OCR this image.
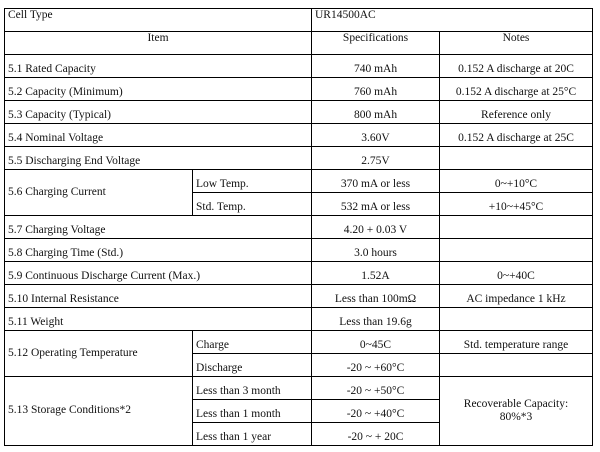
Cell Type		UR14500AC	
Item		Specifications	Notes
5.1 Rated Capacity		740 mAh	0.152 A discharge at 20C
5.2 Capacity (Minimum)		760 mAh	0.152 A discharge at 25°C
5.3 Capacity (Typical)		800 mAh	Reference only
5.4 Nominal Voltage		3.60V	0.152 A discharge at 25C
5.5 Discharging End Voltage		2.75V	
5.6 Charging Current	Low Temp.	370 mA or less	0~+10°C
	Std. Temp.	532 mA or less	+10~+45°C
5.7 Charging Voltage		4.20 + 0.03 V	
5.8 Charging Time (Std.)		3.0 hours	
5.9 Continuous Discharge Current (Max.)		1.52A	0~+40C
5.10 Internal Resistance		Less than 100mΩ	AC impedance 1 kHz
5.11 Weight		Less than 19.6g	
5.12 Operating Temperature	Charge	0~45C	Std. temperature range
	Discharge	-20 ~ +60°C	
5.13 Storage Conditions*2	Less than 3 month	-20 ~ +50°C	Recoverable Capacity:
80%*3
	Less than 1 month	-20 ~ +40°C	
	Less than 1 year	-20 ~ + 20C	
